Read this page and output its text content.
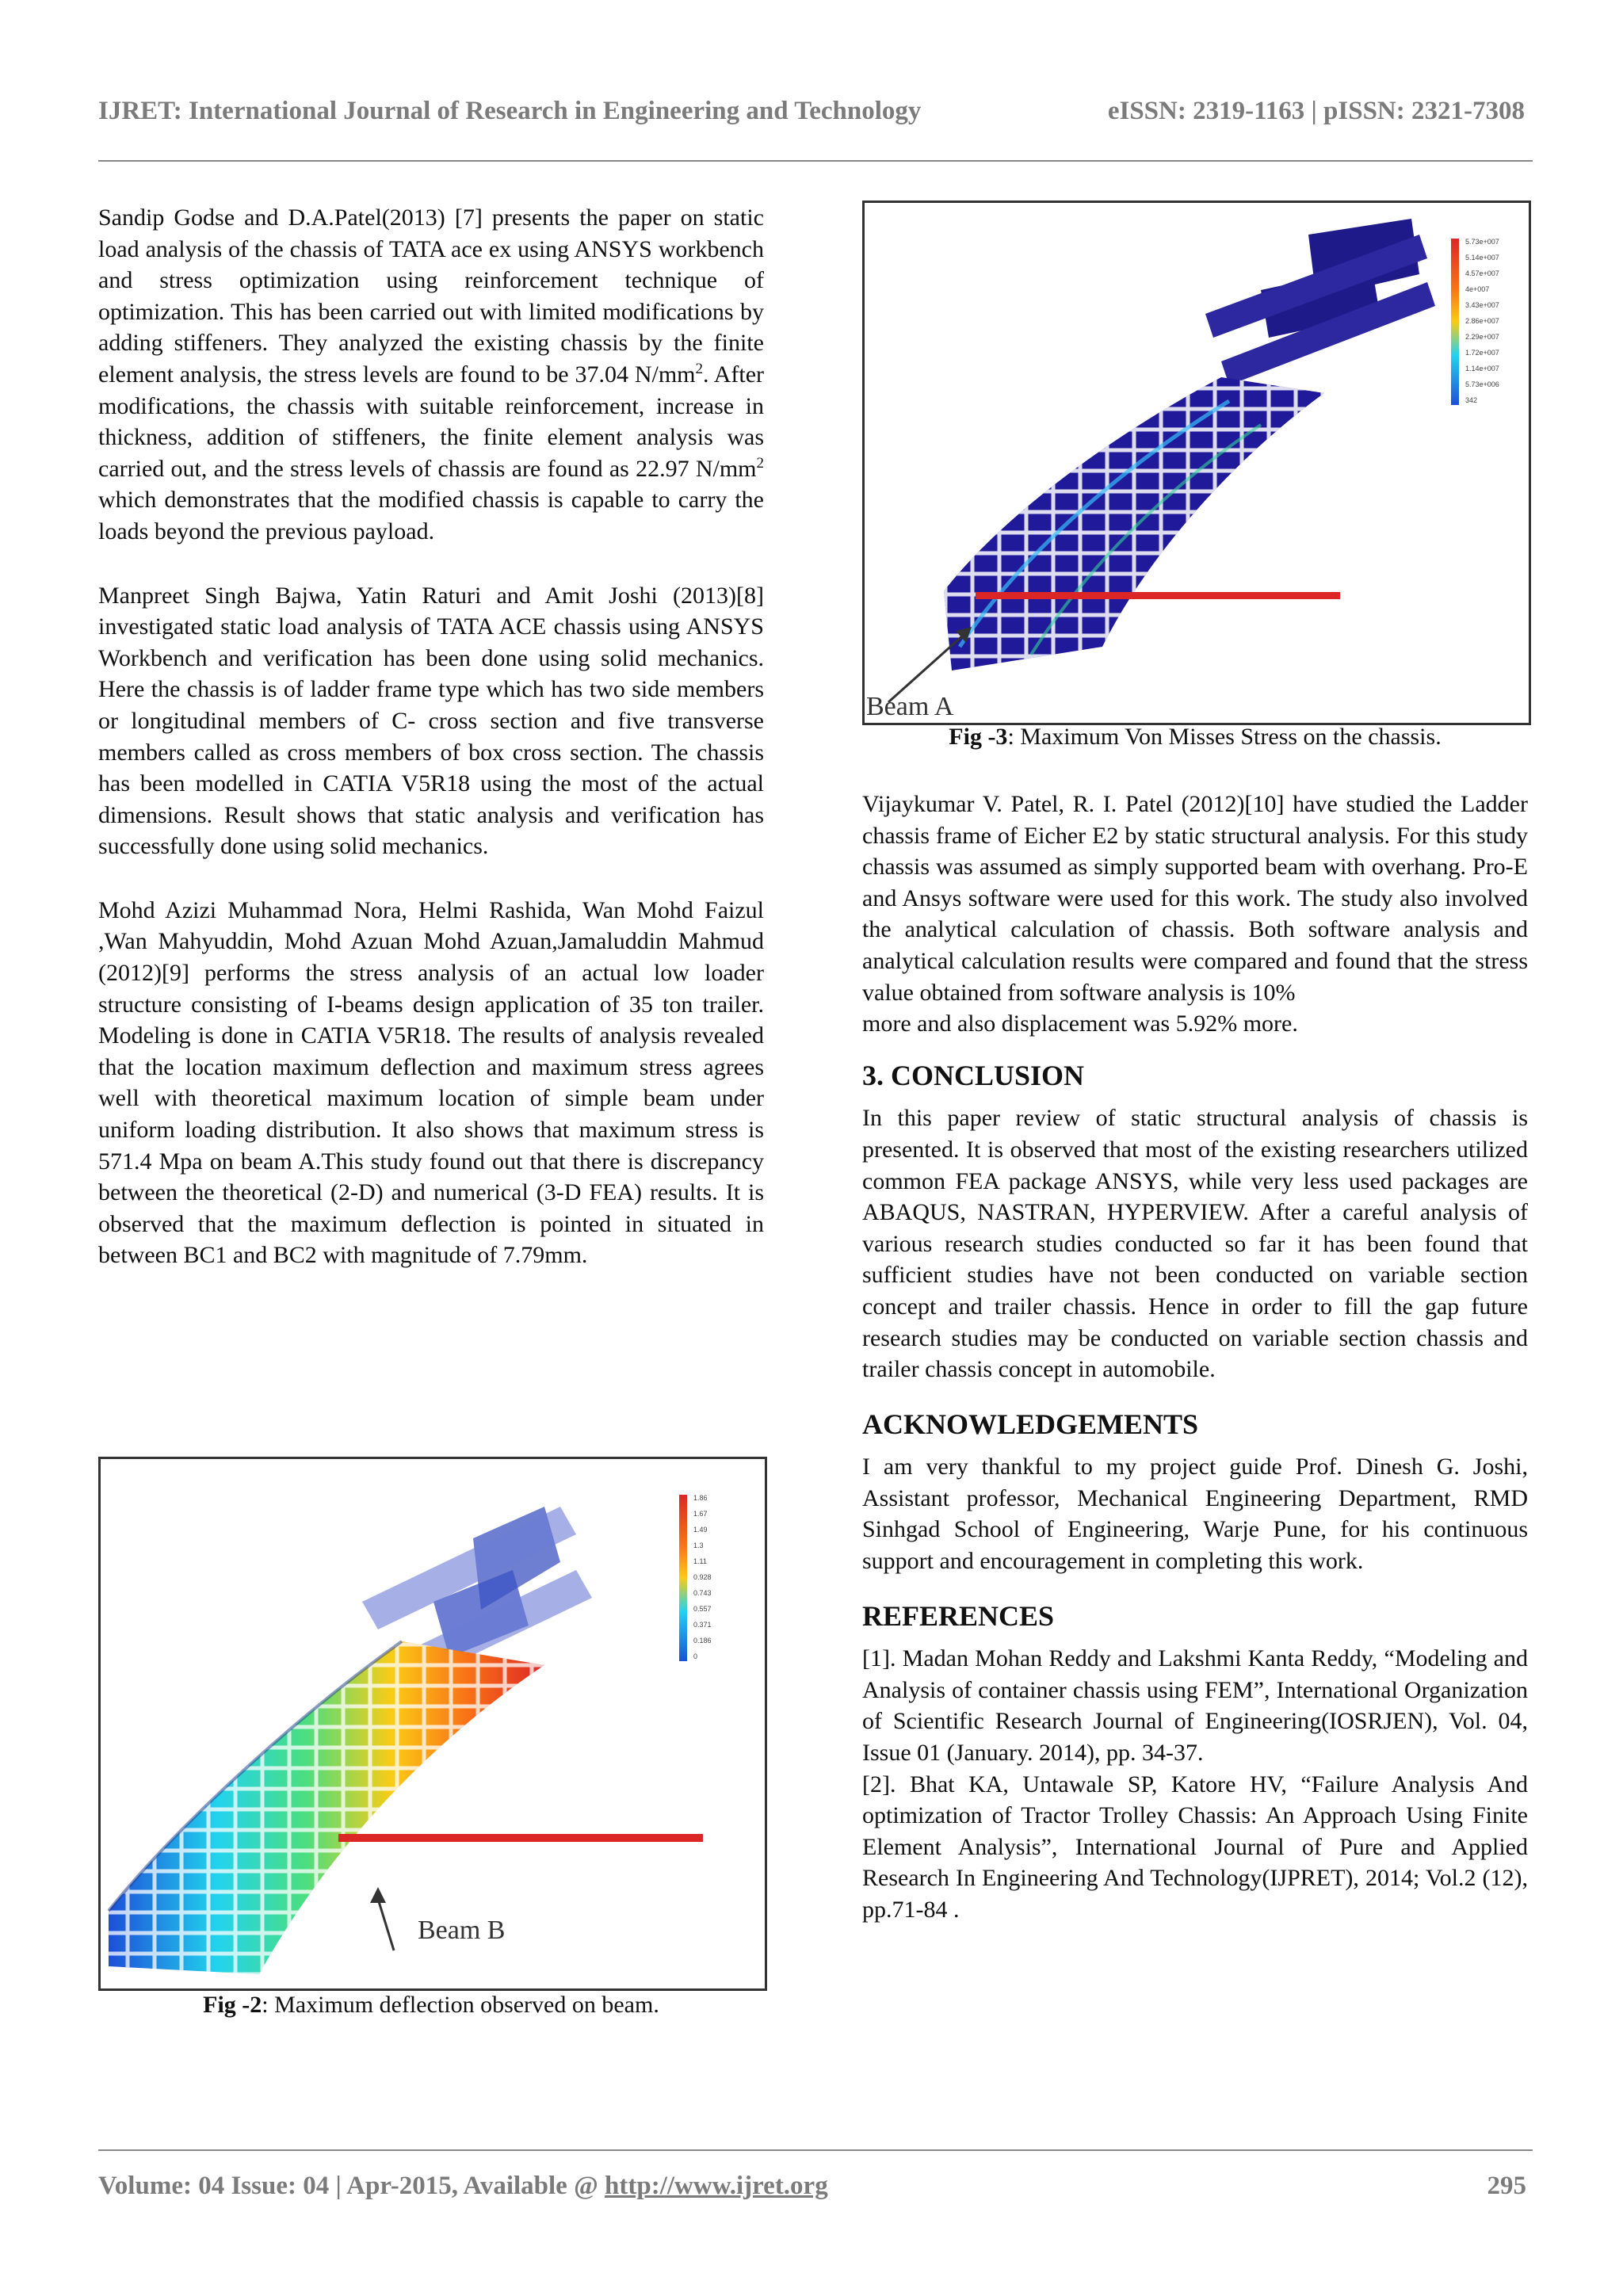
IJRET: International Journal of Research in Engineering and Technology	eISSN: 2319-1163 | pISSN: 2321-7308

Sandip Godse and D.A.Patel(2013) [7] presents the paper on static load analysis of the chassis of TATA ace ex using ANSYS workbench and stress optimization using reinforcement technique of optimization. This has been carried out with limited modifications by adding stiffeners. They analyzed the existing chassis by the finite element analysis, the stress levels are found to be 37.04 $N/mm^2$. After modifications, the chassis with suitable reinforcement, increase in thickness, addition of stiffeners, the finite element analysis was carried out, and the stress levels of chassis are found as 22.97 $N/mm^2$ which demonstrates that the modified chassis is capable to carry the loads beyond the previous payload.

Manpreet Singh Bajwa, Yatin Raturi and Amit Joshi (2013)[8] investigated static load analysis of TATA ACE chassis using ANSYS Workbench and verification has been done using solid mechanics. Here the chassis is of ladder frame type which has two side members or longitudinal members of C- cross section and five transverse members called as cross members of box cross section. The chassis has been modelled in CATIA V5R18 using the most of the actual dimensions. Result shows that static analysis and verification has successfully done using solid mechanics.

Mohd Azizi Muhammad Nora, Helmi Rashida, Wan Mohd Faizul ,Wan Mahyuddin, Mohd Azuan Mohd Azuan,Jamaluddin Mahmud (2012)[9] performs the stress analysis of an actual low loader structure consisting of I-beams design application of 35 ton trailer. Modeling is done in CATIA V5R18. The results of analysis revealed that the location maximum deflection and maximum stress agrees well with theoretical maximum location of simple beam under uniform loading distribution. It also shows that maximum stress is 571.4 Mpa on beam A.This study found out that there is discrepancy between the theoretical (2-D) and numerical (3-D FEA) results. It is observed that the maximum deflection is pointed in situated in between BC1 and BC2 with magnitude of 7.79mm.

Beam B
1.86
1.67
1.49
1.3
1.11
0.928
0.743
0.557
0.371
0.186
0
Fig -2: Maximum deflection observed on beam.
Beam A
5.73e+007
5.14e+007
4.57e+007
4e+007
3.43e+007
2.86e+007
2.29e+007
1.72e+007
1.14e+007
5.73e+006
342
Fig -3: Maximum Von Misses Stress on the chassis.

Vijaykumar V. Patel, R. I. Patel (2012)[10] have studied the Ladder chassis frame of Eicher E2 by static structural analysis. For this study chassis was assumed as simply supported beam with overhang. Pro-E and Ansys software were used for this work. The study also involved the analytical calculation of chassis. Both software analysis and analytical calculation results were compared and found that the stress value obtained from software analysis is 10%

more and also displacement was 5.92% more.
3. CONCLUSION

In this paper review of static structural analysis of chassis is presented. It is observed that most of the existing researchers utilized common FEA package ANSYS, while very less used packages are ABAQUS, NASTRAN, HYPERVIEW. After a careful analysis of various research studies conducted so far it has been found that sufficient studies have not been conducted on variable section concept and trailer chassis. Hence in order to fill the gap future research studies may be conducted on variable section chassis and trailer chassis concept in automobile.

ACKNOWLEDGEMENTS

I am very thankful to my project guide Prof. Dinesh G. Joshi, Assistant professor, Mechanical Engineering Department, RMD Sinhgad School of Engineering, Warje Pune, for his continuous support and encouragement in completing this work.

REFERENCES

[1]. Madan Mohan Reddy and Lakshmi Kanta Reddy, “Modeling and Analysis of container chassis using FEM”, International Organization of Scientific Research Journal of Engineering(IOSRJEN), Vol. 04, Issue 01 (January. 2014), pp. 34-37.

[2]. Bhat KA, Untawale SP, Katore HV, “Failure Analysis And optimization of Tractor Trolley Chassis: An Approach Using Finite Element Analysis”, International Journal of Pure and Applied Research In Engineering And Technology(IJPRET), 2014; Vol.2 (12), pp.71-84 .

Volume: 04 Issue: 04 | Apr-2015, Available @ http://www.ijret.org	295
